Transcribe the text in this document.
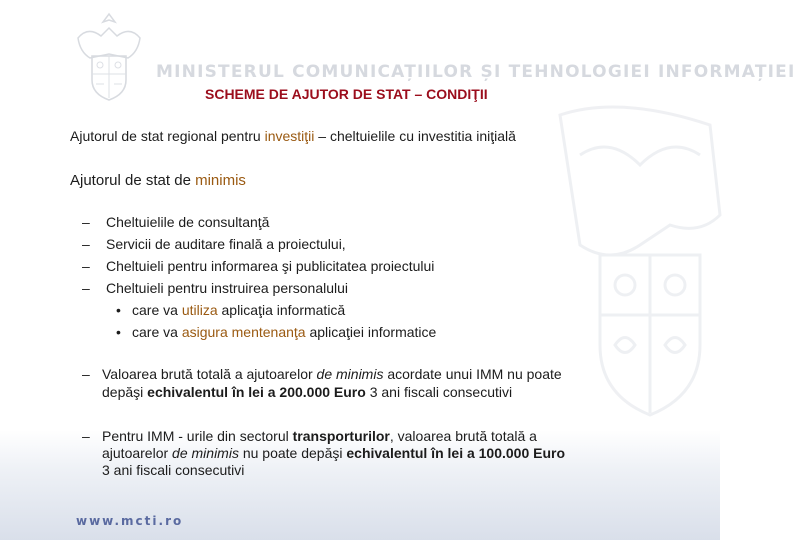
MINISTERUL COMUNICAȚIILOR ȘI TEHNOLOGIEI INFORMAȚIEI
SCHEME DE AJUTOR DE STAT – CONDIŢII
Ajutorul de stat regional pentru investiţii – cheltuielile cu investitia iniţială
Ajutorul de stat de minimis
– Cheltuielile de consultanţă
– Servicii de auditare finală a proiectului,
– Cheltuieli pentru informarea şi publicitatea proiectului
– Cheltuieli pentru instruirea personalului
• care va utiliza aplicaţia informatică
• care va asigura mentenanţa aplicaţiei informatice
– Valoarea brută totală a ajutoarelor de minimis acordate unui IMM nu poate
depăşi echivalentul în lei a 200.000 Euro 3 ani fiscali consecutivi
– Pentru IMM - urile din sectorul transporturilor, valoarea brută totală a
ajutoarelor de minimis nu poate depăşi echivalentul în lei a 100.000 Euro
3 ani fiscali consecutivi
www.mcti.ro
